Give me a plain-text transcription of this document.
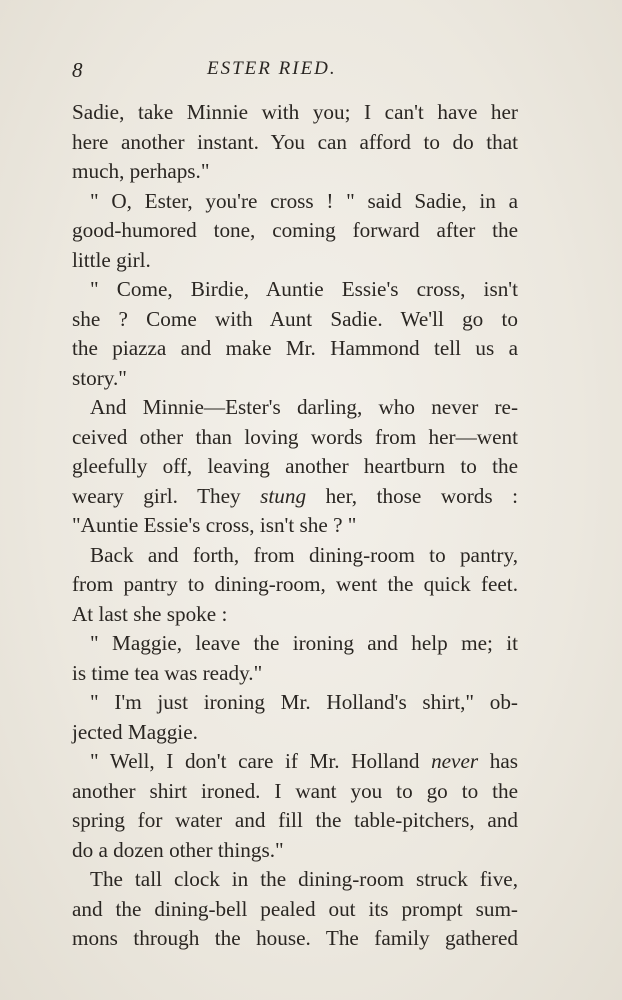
8	ESTER RIED.
Sadie, take Minnie with you; I can't have her
here another instant. You can afford to do that
much, perhaps."
" O, Ester, you're cross ! " said Sadie, in a
good-humored tone, coming forward after the
little girl.
" Come, Birdie, Auntie Essie's cross, isn't
she ? Come with Aunt Sadie. We'll go to
the piazza and make Mr. Hammond tell us a
story."
And Minnie—Ester's darling, who never re-
ceived other than loving words from her—went
gleefully off, leaving another heartburn to the
weary girl. They stung her, those words :
"Auntie Essie's cross, isn't she ? "
Back and forth, from dining-room to pantry,
from pantry to dining-room, went the quick feet.
At last she spoke :
" Maggie, leave the ironing and help me; it
is time tea was ready."
" I'm just ironing Mr. Holland's shirt," ob-
jected Maggie.
" Well, I don't care if Mr. Holland never has
another shirt ironed. I want you to go to the
spring for water and fill the table-pitchers, and
do a dozen other things."
The tall clock in the dining-room struck five,
and the dining-bell pealed out its prompt sum-
mons through the house. The family gathered
